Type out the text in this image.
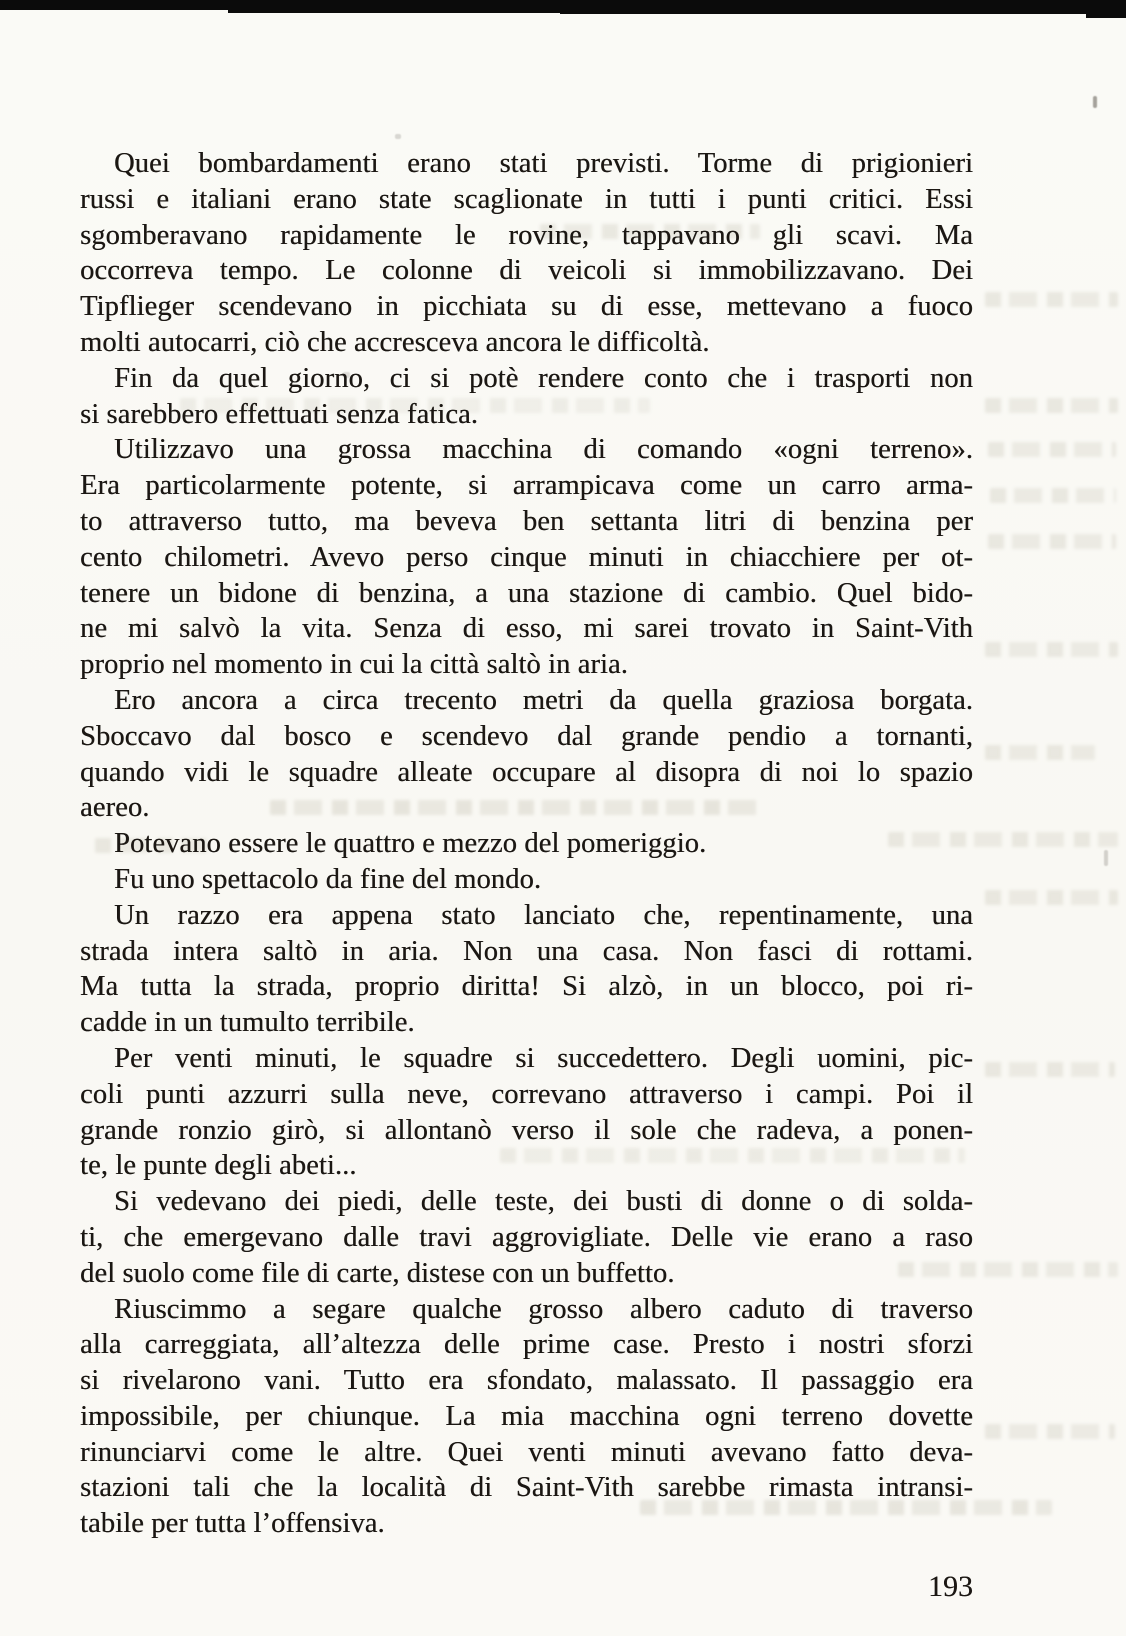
Quei bombardamenti erano stati previsti. Torme di prigionieri
russi e italiani erano state scaglionate in tutti i punti critici. Essi
sgomberavano rapidamente le rovine, tappavano gli scavi. Ma
occorreva tempo. Le colonne di veicoli si immobilizzavano. Dei
Tipflieger scendevano in picchiata su di esse, mettevano a fuoco
molti autocarri, ciò che accresceva ancora le difficoltà.
Fin da quel giorno, ci si potè rendere conto che i trasporti non
si sarebbero effettuati senza fatica.
Utilizzavo una grossa macchina di comando «ogni terreno».
Era particolarmente potente, si arrampicava come un carro arma-
to attraverso tutto, ma beveva ben settanta litri di benzina per
cento chilometri. Avevo perso cinque minuti in chiacchiere per ot-
tenere un bidone di benzina, a una stazione di cambio. Quel bido-
ne mi salvò la vita. Senza di esso, mi sarei trovato in Saint-Vith
proprio nel momento in cui la città saltò in aria.
Ero ancora a circa trecento metri da quella graziosa borgata.
Sboccavo dal bosco e scendevo dal grande pendio a tornanti,
quando vidi le squadre alleate occupare al disopra di noi lo spazio
aereo.
Potevano essere le quattro e mezzo del pomeriggio.
Fu uno spettacolo da fine del mondo.
Un razzo era appena stato lanciato che, repentinamente, una
strada intera saltò in aria. Non una casa. Non fasci di rottami.
Ma tutta la strada, proprio diritta! Si alzò, in un blocco, poi ri-
cadde in un tumulto terribile.
Per venti minuti, le squadre si succedettero. Degli uomini, pic-
coli punti azzurri sulla neve, correvano attraverso i campi. Poi il
grande ronzio girò, si allontanò verso il sole che radeva, a ponen-
te, le punte degli abeti...
Si vedevano dei piedi, delle teste, dei busti di donne o di solda-
ti, che emergevano dalle travi aggrovigliate. Delle vie erano a raso
del suolo come file di carte, distese con un buffetto.
Riuscimmo a segare qualche grosso albero caduto di traverso
alla carreggiata, all’altezza delle prime case. Presto i nostri sforzi
si rivelarono vani. Tutto era sfondato, malassato. Il passaggio era
impossibile, per chiunque. La mia macchina ogni terreno dovette
rinunciarvi come le altre. Quei venti minuti avevano fatto deva-
stazioni tali che la località di Saint-Vith sarebbe rimasta intransi-
tabile per tutta l’offensiva.
193
